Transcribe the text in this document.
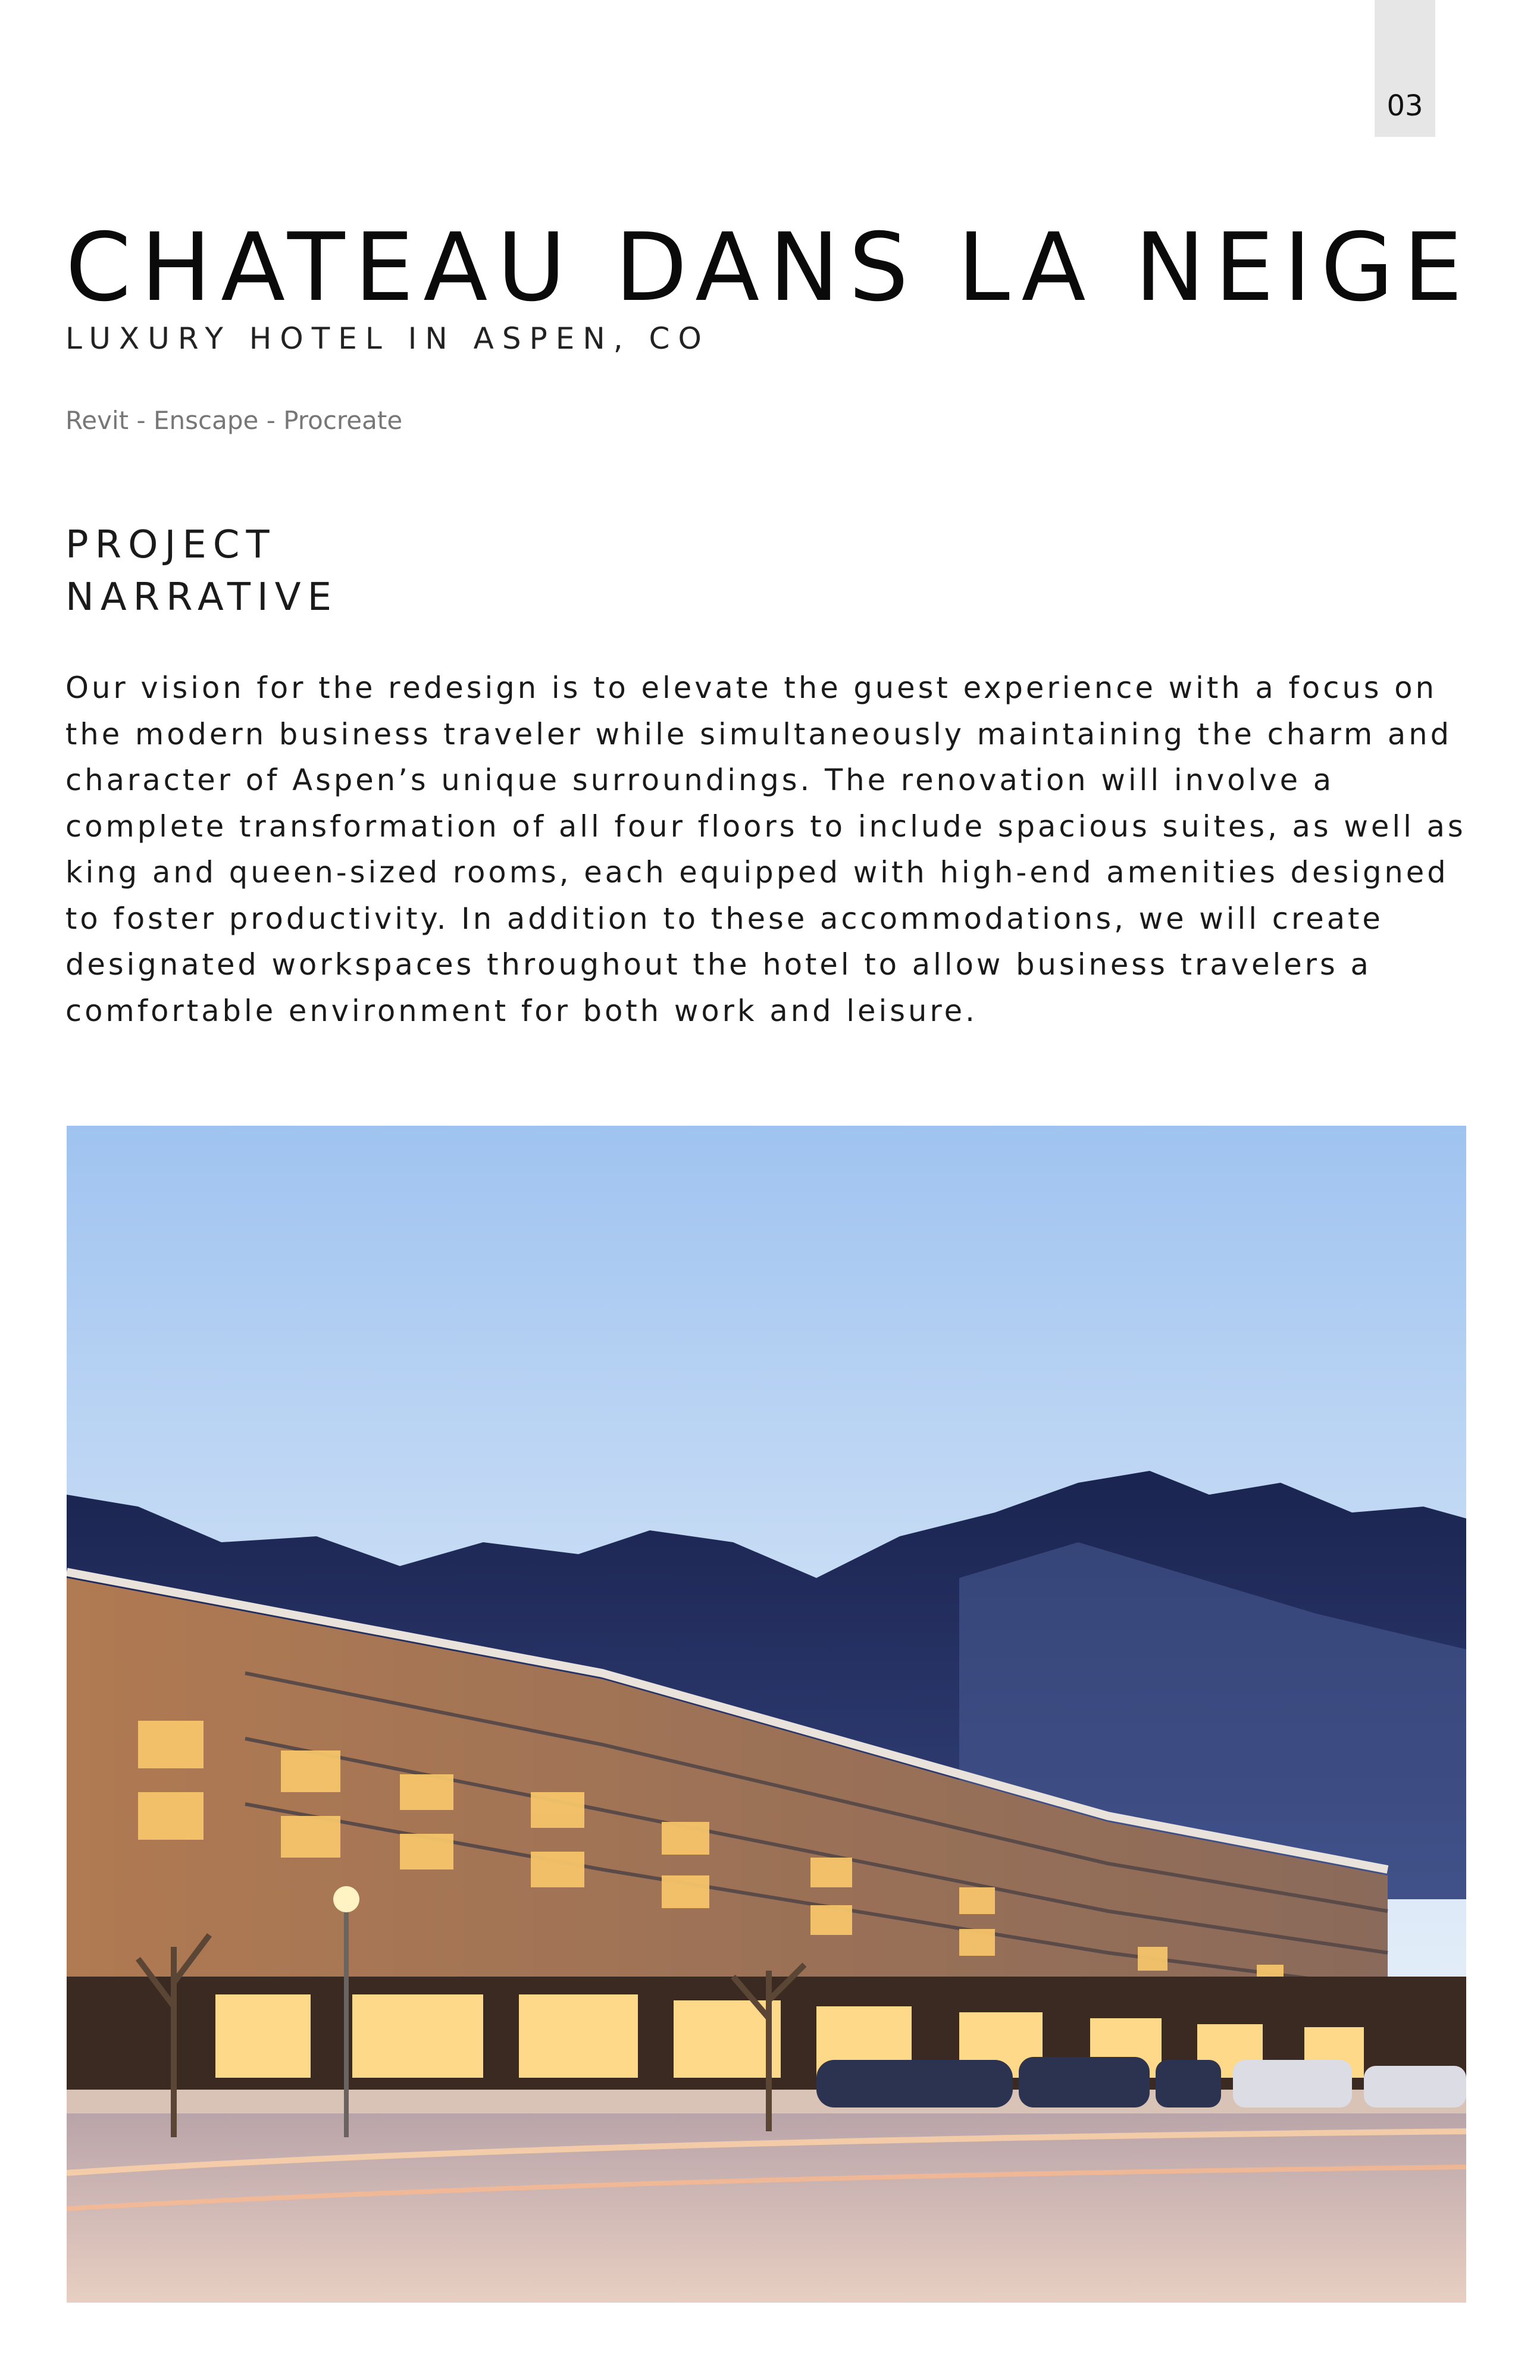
03
CHATEAU DANS LA NEIGE
LUXURY HOTEL IN ASPEN, CO
Revit - Enscape - Procreate
PROJECT
NARRATIVE

Our vision for the redesign is to elevate the guest experience with a focus on the modern business traveler while simultaneously maintaining the charm and character of Aspen’s unique surroundings. The renovation will involve a complete transformation of all four floors to include spacious suites, as well as king and queen-sized rooms, each equipped with high-end amenities designed to foster productivity. In addition to these accommodations, we will create designated workspaces throughout the hotel to allow business travelers a comfortable environment for both work and leisure.
